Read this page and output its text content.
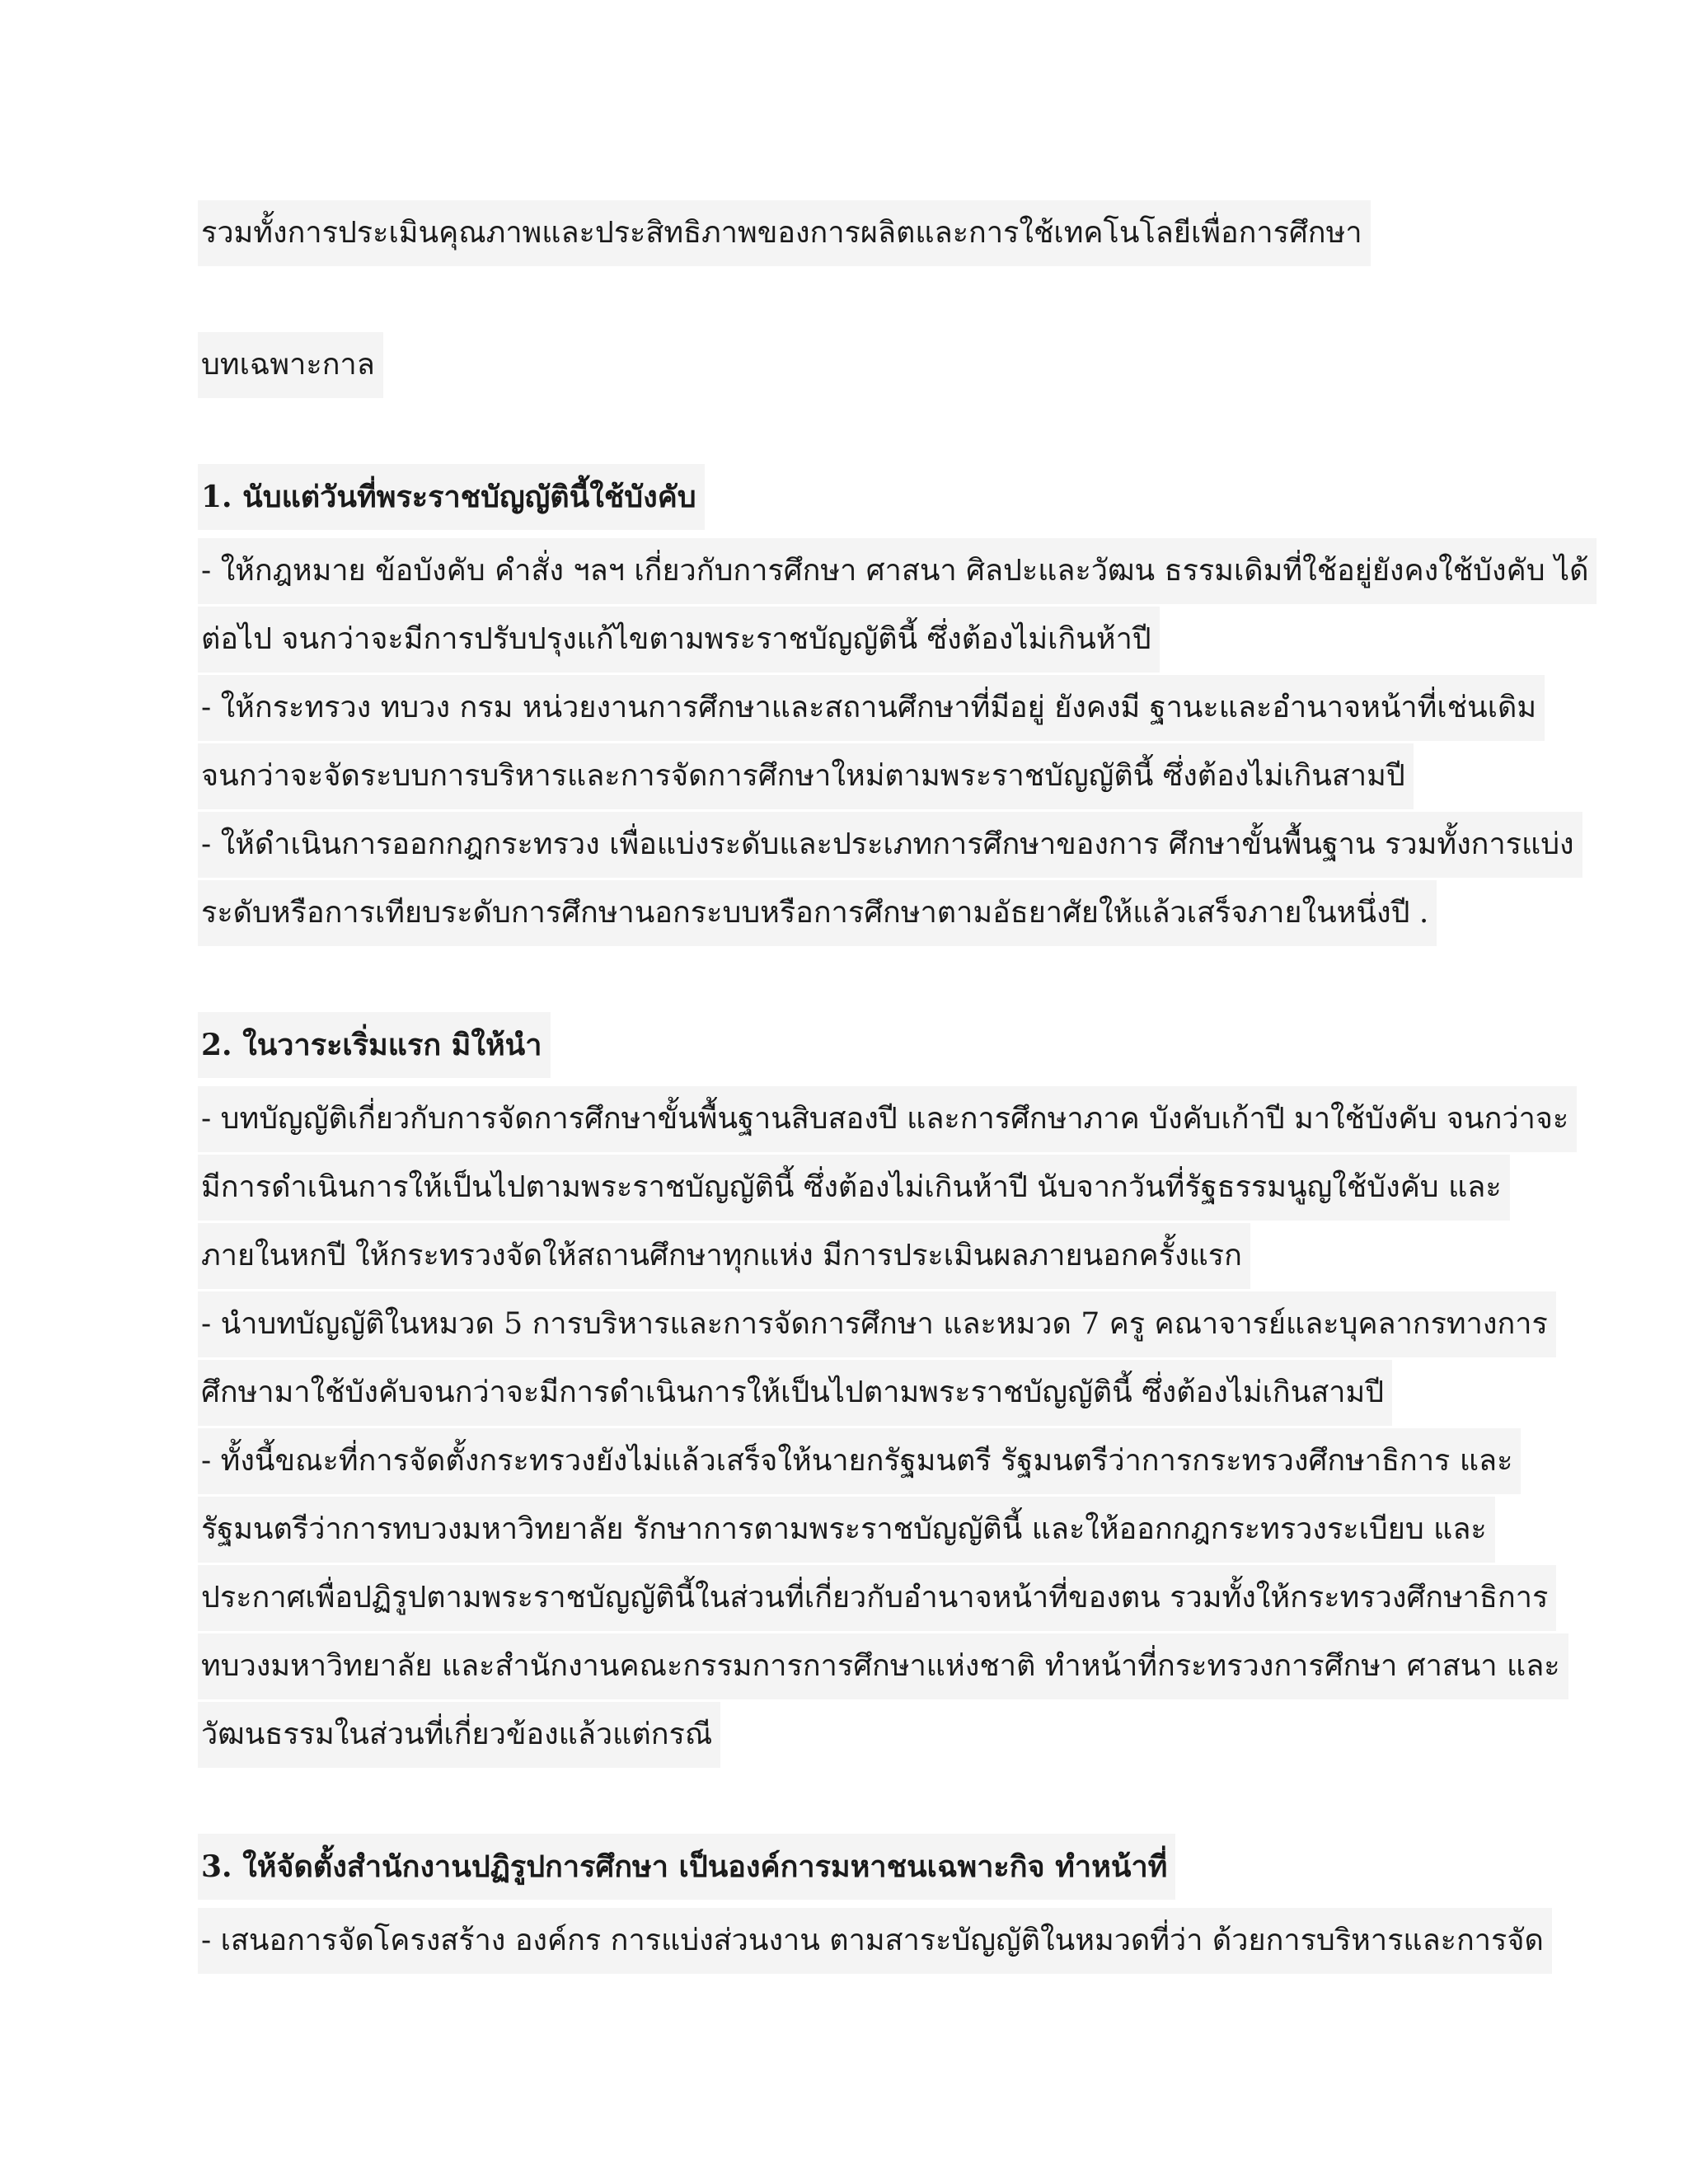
รวมทั้งการประเมินคุณภาพและประสิทธิภาพของการผลิตและการใช้เทคโนโลยีเพื่อการศึกษา
บทเฉพาะกาล
1. นับแต่วันที่พระราชบัญญัตินี้ใช้บังคับ
- ให้กฎหมาย ข้อบังคับ คำสั่ง ฯลฯ เกี่ยวกับการศึกษา ศาสนา ศิลปะและวัฒน ธรรมเดิมที่ใช้อยู่ยังคงใช้บังคับ ได้
ต่อไป จนกว่าจะมีการปรับปรุงแก้ไขตามพระราชบัญญัตินี้ ซึ่งต้องไม่เกินห้าปี
- ให้กระทรวง ทบวง กรม หน่วยงานการศึกษาและสถานศึกษาที่มีอยู่ ยังคงมี ฐานะและอำนาจหน้าที่เช่นเดิม
จนกว่าจะจัดระบบการบริหารและการจัดการศึกษาใหม่ตามพระราชบัญญัตินี้ ซึ่งต้องไม่เกินสามปี
- ให้ดำเนินการออกกฎกระทรวง เพื่อแบ่งระดับและประเภทการศึกษาของการ ศึกษาขั้นพื้นฐาน รวมทั้งการแบ่ง
ระดับหรือการเทียบระดับการศึกษานอกระบบหรือการศึกษาตามอัธยาศัยให้แล้วเสร็จภายในหนึ่งปี .
2. ในวาระเริ่มแรก มิให้นำ
- บทบัญญัติเกี่ยวกับการจัดการศึกษาขั้นพื้นฐานสิบสองปี และการศึกษาภาค บังคับเก้าปี มาใช้บังคับ จนกว่าจะ
มีการดำเนินการให้เป็นไปตามพระราชบัญญัตินี้ ซึ่งต้องไม่เกินห้าปี นับจากวันที่รัฐธรรมนูญใช้บังคับ และ
ภายในหกปี ให้กระทรวงจัดให้สถานศึกษาทุกแห่ง มีการประเมินผลภายนอกครั้งแรก
- นำบทบัญญัติในหมวด 5 การบริหารและการจัดการศึกษา และหมวด 7 ครู คณาจารย์และบุคลากรทางการ
ศึกษามาใช้บังคับจนกว่าจะมีการดำเนินการให้เป็นไปตามพระราชบัญญัตินี้ ซึ่งต้องไม่เกินสามปี
- ทั้งนี้ขณะที่การจัดตั้งกระทรวงยังไม่แล้วเสร็จให้นายกรัฐมนตรี รัฐมนตรีว่าการกระทรวงศึกษาธิการ และ
รัฐมนตรีว่าการทบวงมหาวิทยาลัย รักษาการตามพระราชบัญญัตินี้ และให้ออกกฎกระทรวงระเบียบ และ
ประกาศเพื่อปฏิรูปตามพระราชบัญญัตินี้ในส่วนที่เกี่ยวกับอำนาจหน้าที่ของตน รวมทั้งให้กระทรวงศึกษาธิการ
ทบวงมหาวิทยาลัย และสำนักงานคณะกรรมการการศึกษาแห่งชาติ ทำหน้าที่กระทรวงการศึกษา ศาสนา และ
วัฒนธรรมในส่วนที่เกี่ยวข้องแล้วแต่กรณี
3. ให้จัดตั้งสำนักงานปฏิรูปการศึกษา เป็นองค์การมหาชนเฉพาะกิจ ทำหน้าที่
- เสนอการจัดโครงสร้าง องค์กร การแบ่งส่วนงาน ตามสาระบัญญัติในหมวดที่ว่า ด้วยการบริหารและการจัด
